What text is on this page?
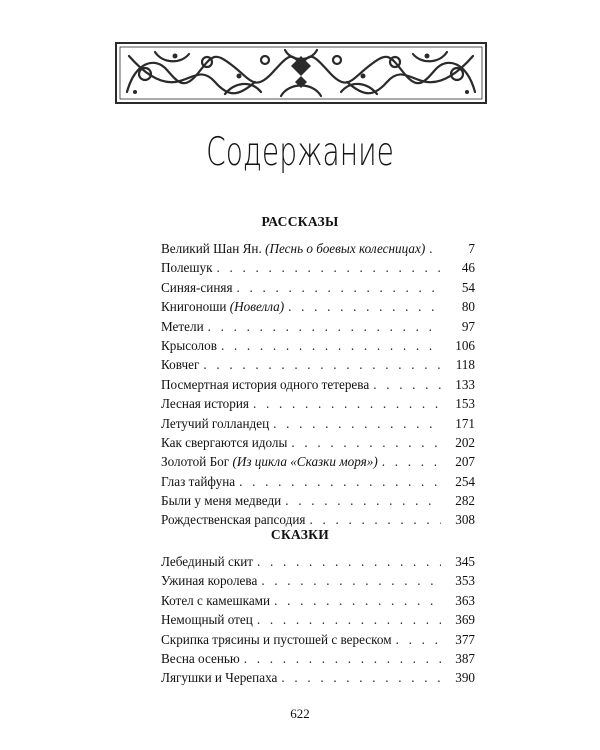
Содержание
РАССКАЗЫ
Великий Шан Ян. (Песнь о боевых колесницах) . . .	7
Полешук . . .	46
Синяя-синяя . . .	54
Книгоноши (Новелла) . . .	80
Метели . . .	97
Крысолов . . .	106
Ковчег . . .	118
Посмертная история одного тетерева . . .	133
Лесная история . . .	153
Летучий голландец . . .	171
Как свергаются идолы . . .	202
Золотой Бог (Из цикла «Сказки моря») . . .	207
Глаз тайфуна . . .	254
Были у меня медведи . . .	282
Рождественская рапсодия . . .	308
СКАЗКИ
Лебединый скит . . .	345
Ужиная королева . . .	353
Котел с камешками . . .	363
Немощный отец . . .	369
Скрипка трясины и пустошей с вереском . . .	377
Весна осенью . . .	387
Лягушки и Черепаха . . .	390
622
